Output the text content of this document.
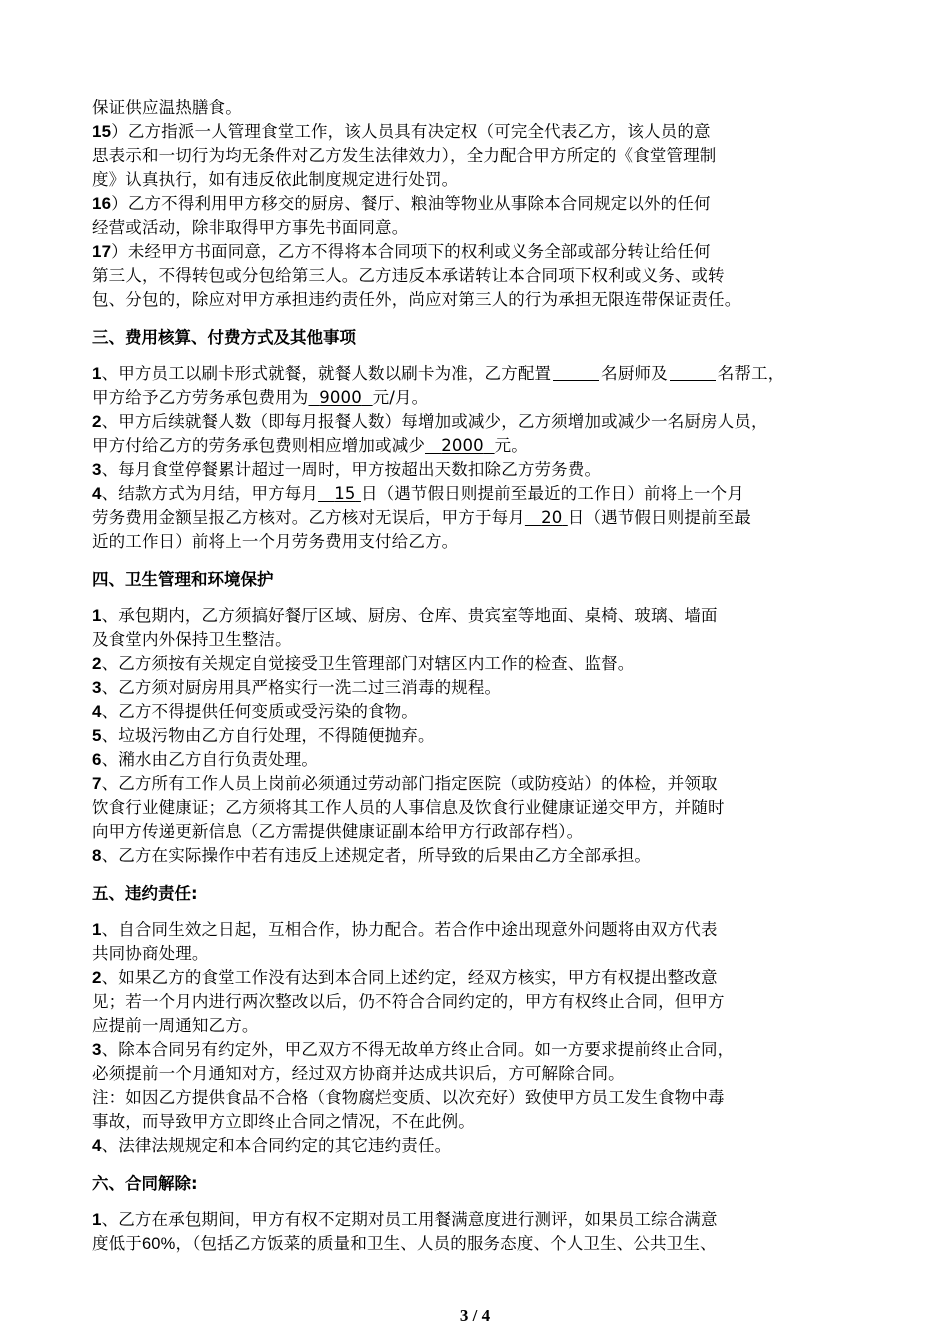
保证供应温热膳食。

15）乙方指派一人管理食堂工作，该人员具有决定权（可完全代表乙方，该人员的意

思表示和一切行为均无条件对乙方发生法律效力），全力配合甲方所定的《食堂管理制

度》认真执行，如有违反依此制度规定进行处罚。

16）乙方不得利用甲方移交的厨房、餐厅、粮油等物业从事除本合同规定以外的任何

经营或活动，除非取得甲方事先书面同意。

17）未经甲方书面同意，乙方不得将本合同项下的权利或义务全部或部分转让给任何

第三人，不得转包或分包给第三人。乙方违反本承诺转让本合同项下权利或义务、或转

包、分包的，除应对甲方承担违约责任外，尚应对第三人的行为承担无限连带保证责任。

三、费用核算、付费方式及其他事项

1、甲方员工以刷卡形式就餐，就餐人数以刷卡为准，乙方配置	名厨师及	名帮工，

甲方给予乙方劳务承包费用为 9000 元/月。

2、甲方后续就餐人数（即每月报餐人数）每增加或减少，乙方须增加或减少一名厨房人员，

甲方付给乙方的劳务承包费则相应增加或减少 2000 元。

3、每月食堂停餐累计超过一周时，甲方按超出天数扣除乙方劳务费。

4、结款方式为月结，甲方每月 15 日（遇节假日则提前至最近的工作日）前将上一个月

劳务费用金额呈报乙方核对。乙方核对无误后，甲方于每月 20 日（遇节假日则提前至最

近的工作日）前将上一个月劳务费用支付给乙方。

四、卫生管理和环境保护

1、承包期内，乙方须搞好餐厅区域、厨房、仓库、贵宾室等地面、桌椅、玻璃、墙面

及食堂内外保持卫生整洁。

2、乙方须按有关规定自觉接受卫生管理部门对辖区内工作的检查、监督。

3、乙方须对厨房用具严格实行一洗二过三消毒的规程。

4、乙方不得提供任何变质或受污染的食物。

5、垃圾污物由乙方自行处理，不得随便抛弃。

6、潲水由乙方自行负责处理。

7、乙方所有工作人员上岗前必须通过劳动部门指定医院（或防疫站）的体检，并领取

饮食行业健康证；乙方须将其工作人员的人事信息及饮食行业健康证递交甲方，并随时

向甲方传递更新信息（乙方需提供健康证副本给甲方行政部存档）。

8、乙方在实际操作中若有违反上述规定者，所导致的后果由乙方全部承担。

五、违约责任:

1、自合同生效之日起，互相合作，协力配合。若合作中途出现意外问题将由双方代表

共同协商处理。

2、如果乙方的食堂工作没有达到本合同上述约定，经双方核实，甲方有权提出整改意

见；若一个月内进行两次整改以后，仍不符合合同约定的，甲方有权终止合同，但甲方

应提前一周通知乙方。

3、除本合同另有约定外，甲乙双方不得无故单方终止合同。如一方要求提前终止合同，

必须提前一个月通知对方，经过双方协商并达成共识后，方可解除合同。

注：如因乙方提供食品不合格（食物腐烂变质、以次充好）致使甲方员工发生食物中毒

事故，而导致甲方立即终止合同之情况，不在此例。

4、法律法规规定和本合同约定的其它违约责任。

六、合同解除:

1、乙方在承包期间，甲方有权不定期对员工用餐满意度进行测评，如果员工综合满意

度低于60%，（包括乙方饭菜的质量和卫生、人员的服务态度、个人卫生、公共卫生、

3 / 4
